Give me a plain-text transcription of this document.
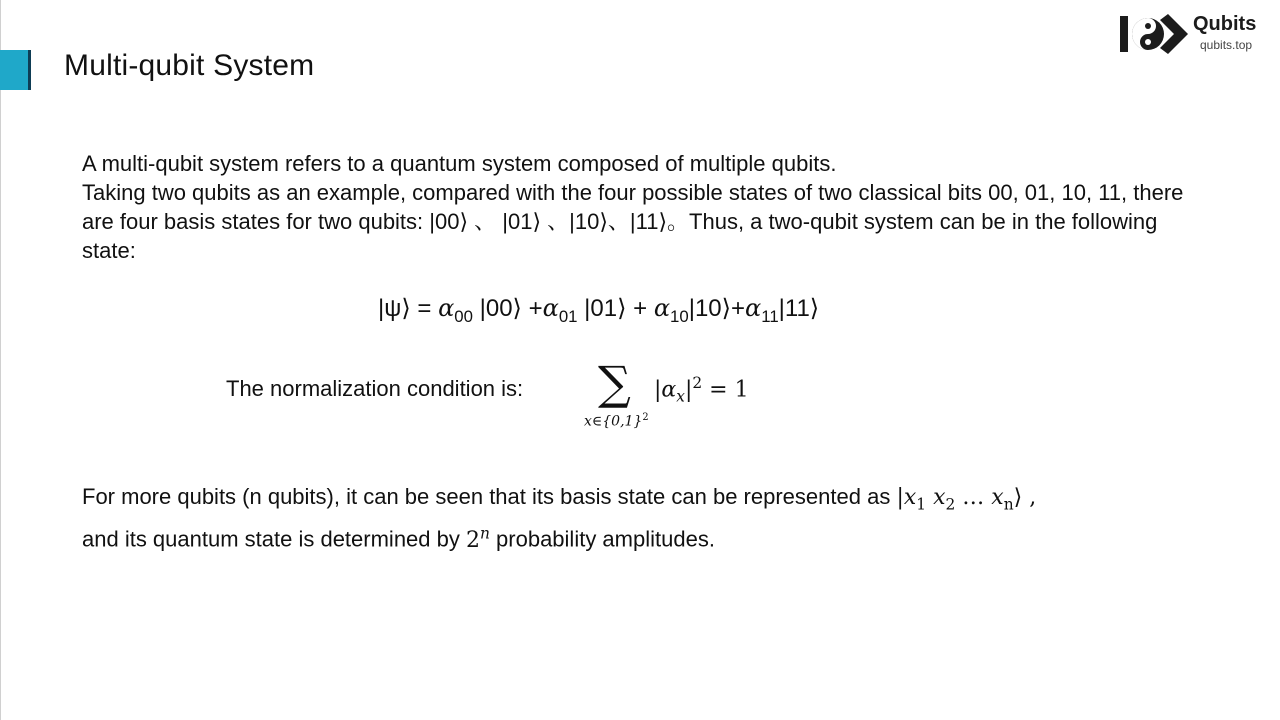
Multi-qubit System
Qubits
qubits.top
A multi-qubit system refers to a quantum system composed of multiple qubits.
Taking two qubits as an example, compared with the four possible states of two classical bits 00, 01, 10, 11, there are four basis states for two qubits: |00⟩ 、 |01⟩ 、|10⟩、|11⟩。Thus, a two-qubit system can be in the following state:
|ψ⟩ = $\alpha_{00}$ |00⟩ $+\alpha_{01}$ |01⟩ + $\alpha_{10}|10⟩+\alpha_{11}|11⟩$
The normalization condition is: ∑
$x\in\{0,1\}^2$
$|\alpha_x|^2 = 1$
For more qubits (n qubits), it can be seen that its basis state can be represented as $|x_1$ $x_2$ … $x_n⟩$ ,
and its quantum state is determined by 2$^n$ probability amplitudes.
